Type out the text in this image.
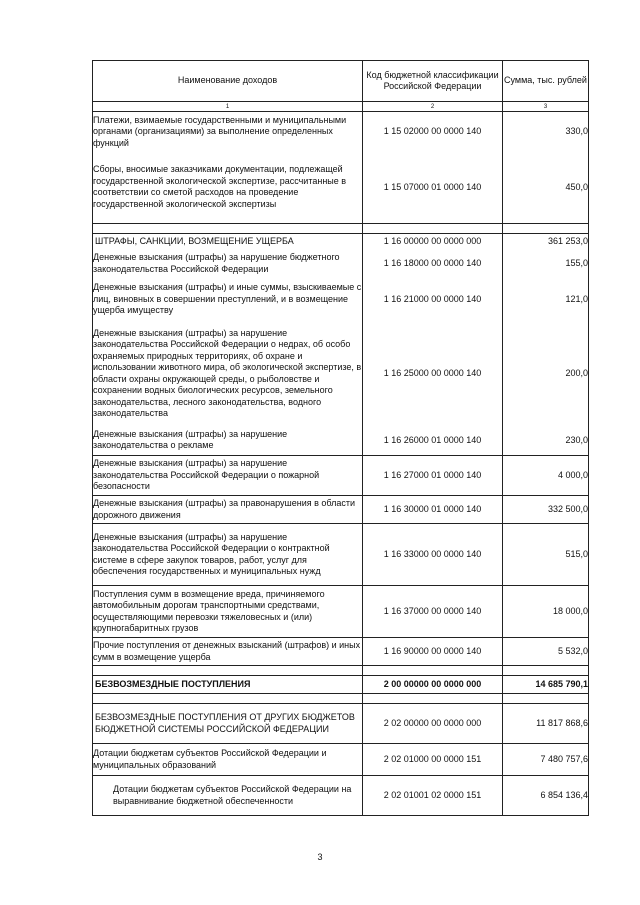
Наименование доходов	Код бюджетной классификации Российской Федерации	Сумма, тыс. рублей
1	2	3
Платежи, взимаемые государственными и муниципальными органами (организациями) за выполнение определенных функций	1 15 02000 00 0000 140	330,0
Сборы, вносимые заказчиками документации, подлежащей государственной экологической экспертизе, рассчитанные в соответствии со сметой расходов на проведение государственной экологической экспертизы	1 15 07000 01 0000 140	450,0

ШТРАФЫ, САНКЦИИ, ВОЗМЕЩЕНИЕ УЩЕРБА	1 16 00000 00 0000 000	361 253,0
Денежные взыскания (штрафы) за нарушение бюджетного законодательства Российской Федерации	1 16 18000 00 0000 140	155,0
Денежные взыскания (штрафы) и иные суммы, взыскиваемые с лиц, виновных в совершении преступлений, и в возмещение ущерба имуществу	1 16 21000 00 0000 140	121,0
Денежные взыскания (штрафы) за нарушение законодательства Российской Федерации о недрах, об особо охраняемых природных территориях, об охране и использовании животного мира, об экологической экспертизе, в области охраны окружающей среды, о рыболовстве и сохранении водных биологических ресурсов, земельного законодательства, лесного законодательства, водного законодательства	1 16 25000 00 0000 140	200,0
Денежные взыскания (штрафы) за нарушение законодательства о рекламе	1 16 26000 01 0000 140	230,0
Денежные взыскания (штрафы) за нарушение законодательства Российской Федерации о пожарной безопасности	1 16 27000 01 0000 140	4 000,0
Денежные взыскания (штрафы) за правонарушения в области дорожного движения	1 16 30000 01 0000 140	332 500,0
Денежные взыскания (штрафы) за нарушение законодательства Российской Федерации о контрактной системе в сфере закупок товаров, работ, услуг для обеспечения государственных и муниципальных нужд	1 16 33000 00 0000 140	515,0
Поступления сумм в возмещение вреда, причиняемого автомобильным дорогам транспортными средствами, осуществляющими перевозки тяжеловесных и (или) крупногабаритных грузов	1 16 37000 00 0000 140	18 000,0
Прочие поступления от денежных взысканий (штрафов) и иных сумм в возмещение ущерба	1 16 90000 00 0000 140	5 532,0

БЕЗВОЗМЕЗДНЫЕ ПОСТУПЛЕНИЯ	2 00 00000 00 0000 000	14 685 790,1

БЕЗВОЗМЕЗДНЫЕ ПОСТУПЛЕНИЯ ОТ ДРУГИХ БЮДЖЕТОВ БЮДЖЕТНОЙ СИСТЕМЫ РОССИЙСКОЙ ФЕДЕРАЦИИ	2 02 00000 00 0000 000	11 817 868,6
Дотации бюджетам субъектов Российской Федерации и муниципальных образований	2 02 01000 00 0000 151	7 480 757,6
Дотации бюджетам субъектов Российской Федерации на выравнивание бюджетной обеспеченности	2 02 01001 02 0000 151	6 854 136,4
3
